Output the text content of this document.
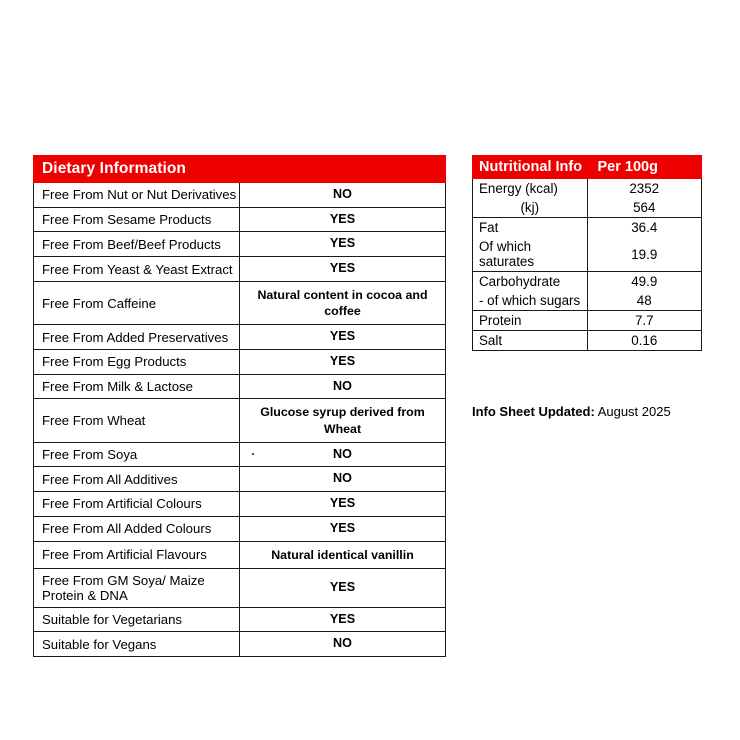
Dietary Information	
Free From Nut or Nut Derivatives	NO
Free From Sesame Products	YES
Free From Beef/Beef Products	YES
Free From Yeast & Yeast Extract	YES
Free From Caffeine	Natural content in cocoa and coffee
Free From Added Preservatives	YES
Free From Egg Products	YES
Free From Milk & Lactose	NO
Free From Wheat	Glucose syrup derived from Wheat
Free From Soya	NO
Free From All Additives	NO
Free From Artificial Colours	YES
Free From All Added Colours	YES
Free From Artificial Flavours	Natural identical vanillin
Free From GM Soya/ Maize Protein & DNA	YES
Suitable for Vegetarians	YES
Suitable for Vegans	NO
Nutritional Info	Per 100g
Energy (kcal)	2352
(kj)	564
Fat	36.4
Of which saturates	19.9
Carbohydrate	49.9
- of which sugars	48
Protein	7.7
Salt	0.16
Info Sheet Updated: August 2025
